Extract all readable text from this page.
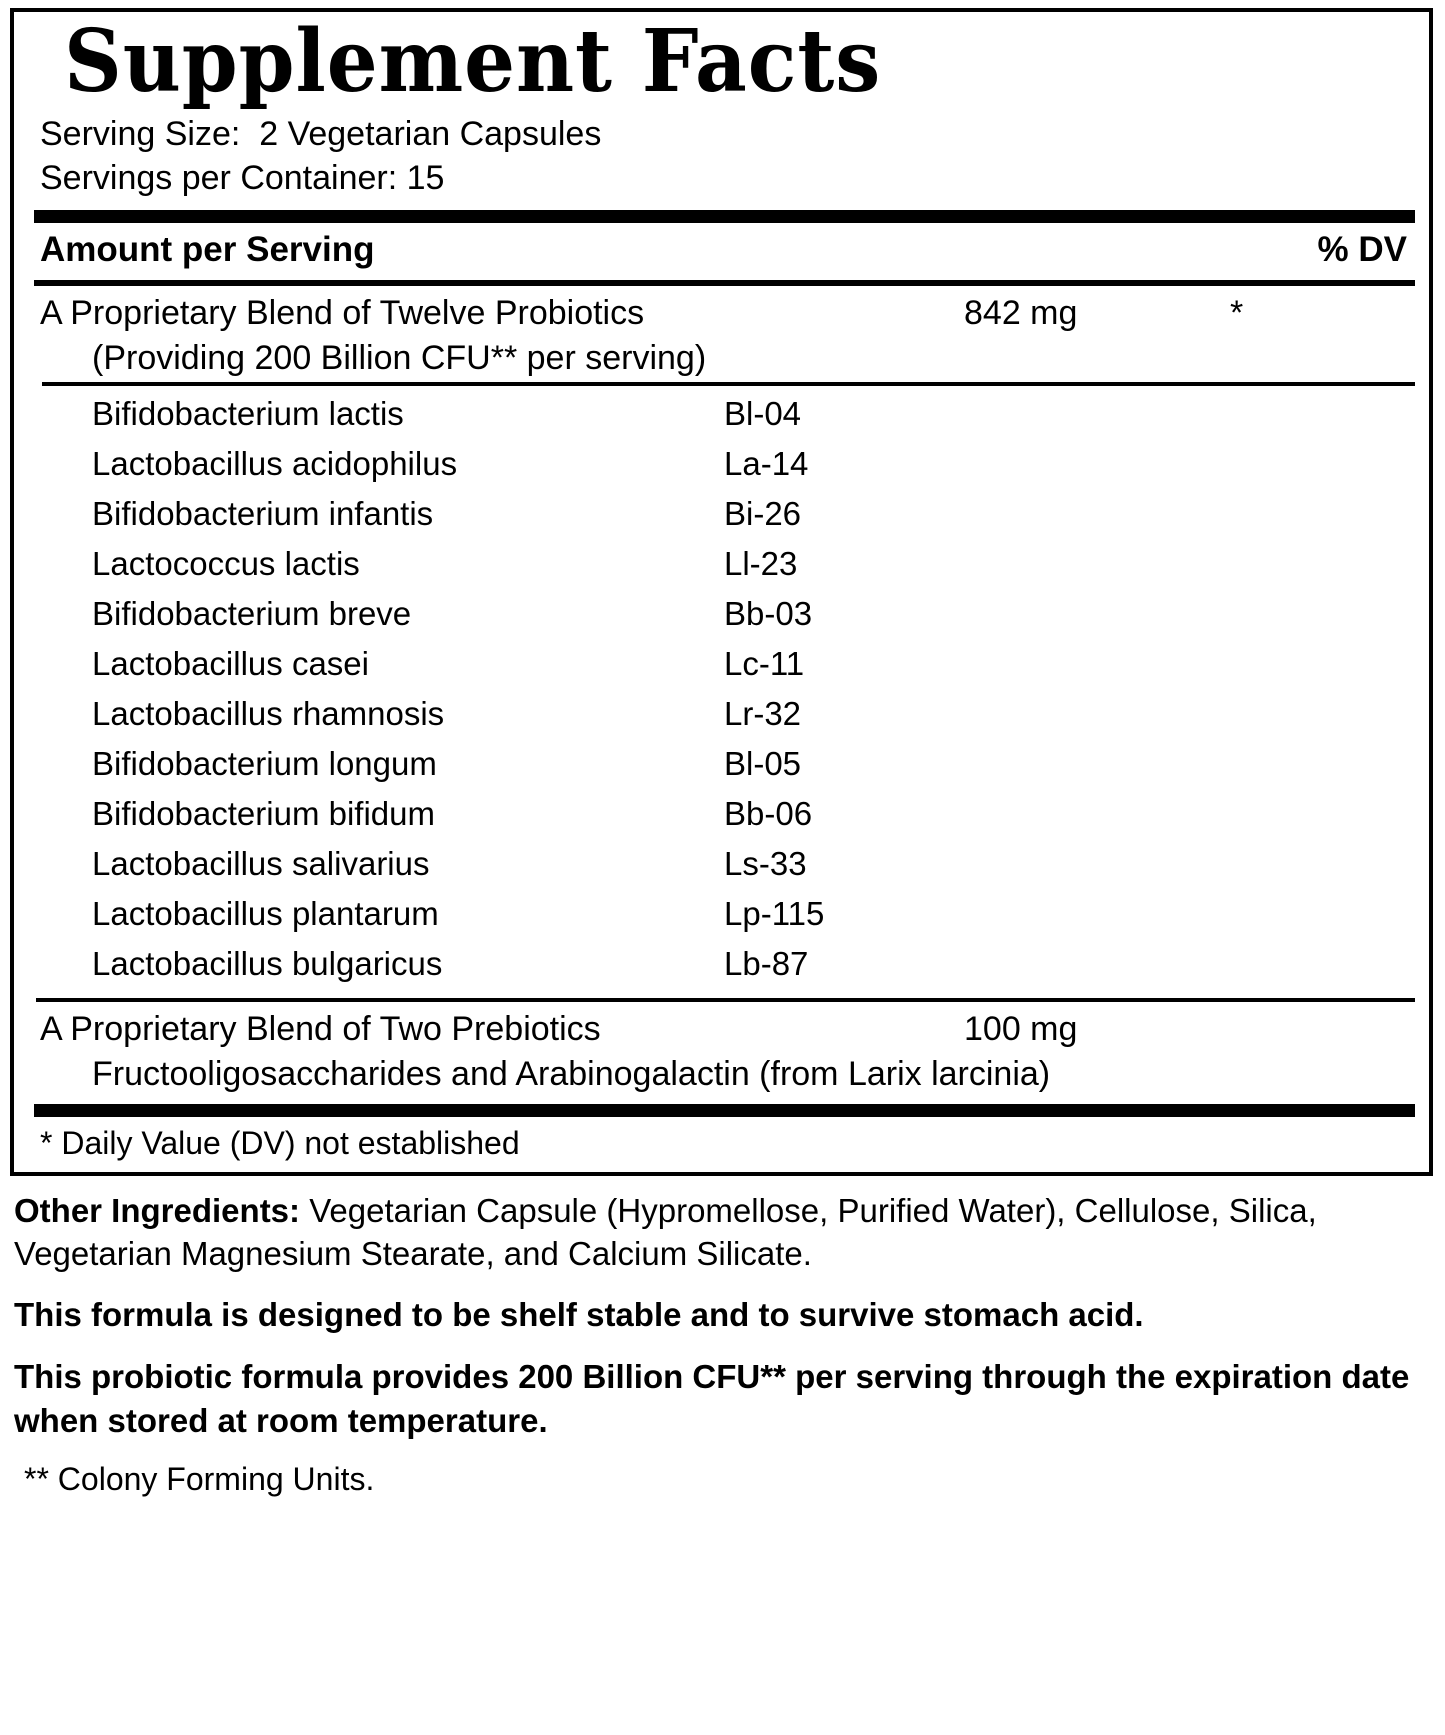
Supplement Facts
Serving Size:  2 Vegetarian Capsules
Servings per Container: 15
Amount per Serving	% DV
A Proprietary Blend of Twelve Probiotics	842 mg	*
(Providing 200 Billion CFU** per serving)
Bifidobacterium lactis	Bl-04
Lactobacillus acidophilus	La-14
Bifidobacterium infantis	Bi-26
Lactococcus lactis	Ll-23
Bifidobacterium breve	Bb-03
Lactobacillus casei	Lc-11
Lactobacillus rhamnosis	Lr-32
Bifidobacterium longum	Bl-05
Bifidobacterium bifidum	Bb-06
Lactobacillus salivarius	Ls-33
Lactobacillus plantarum	Lp-115
Lactobacillus bulgaricus	Lb-87
A Proprietary Blend of Two Prebiotics	100 mg
Fructooligosaccharides and Arabinogalactin (from Larix larcinia)
* Daily Value (DV) not established
Other Ingredients: Vegetarian Capsule (Hypromellose, Purified Water), Cellulose, Silica, Vegetarian Magnesium Stearate, and Calcium Silicate.
This formula is designed to be shelf stable and to survive stomach acid.
This probiotic formula provides 200 Billion CFU** per serving through the expiration date when stored at room temperature.
** Colony Forming Units.
